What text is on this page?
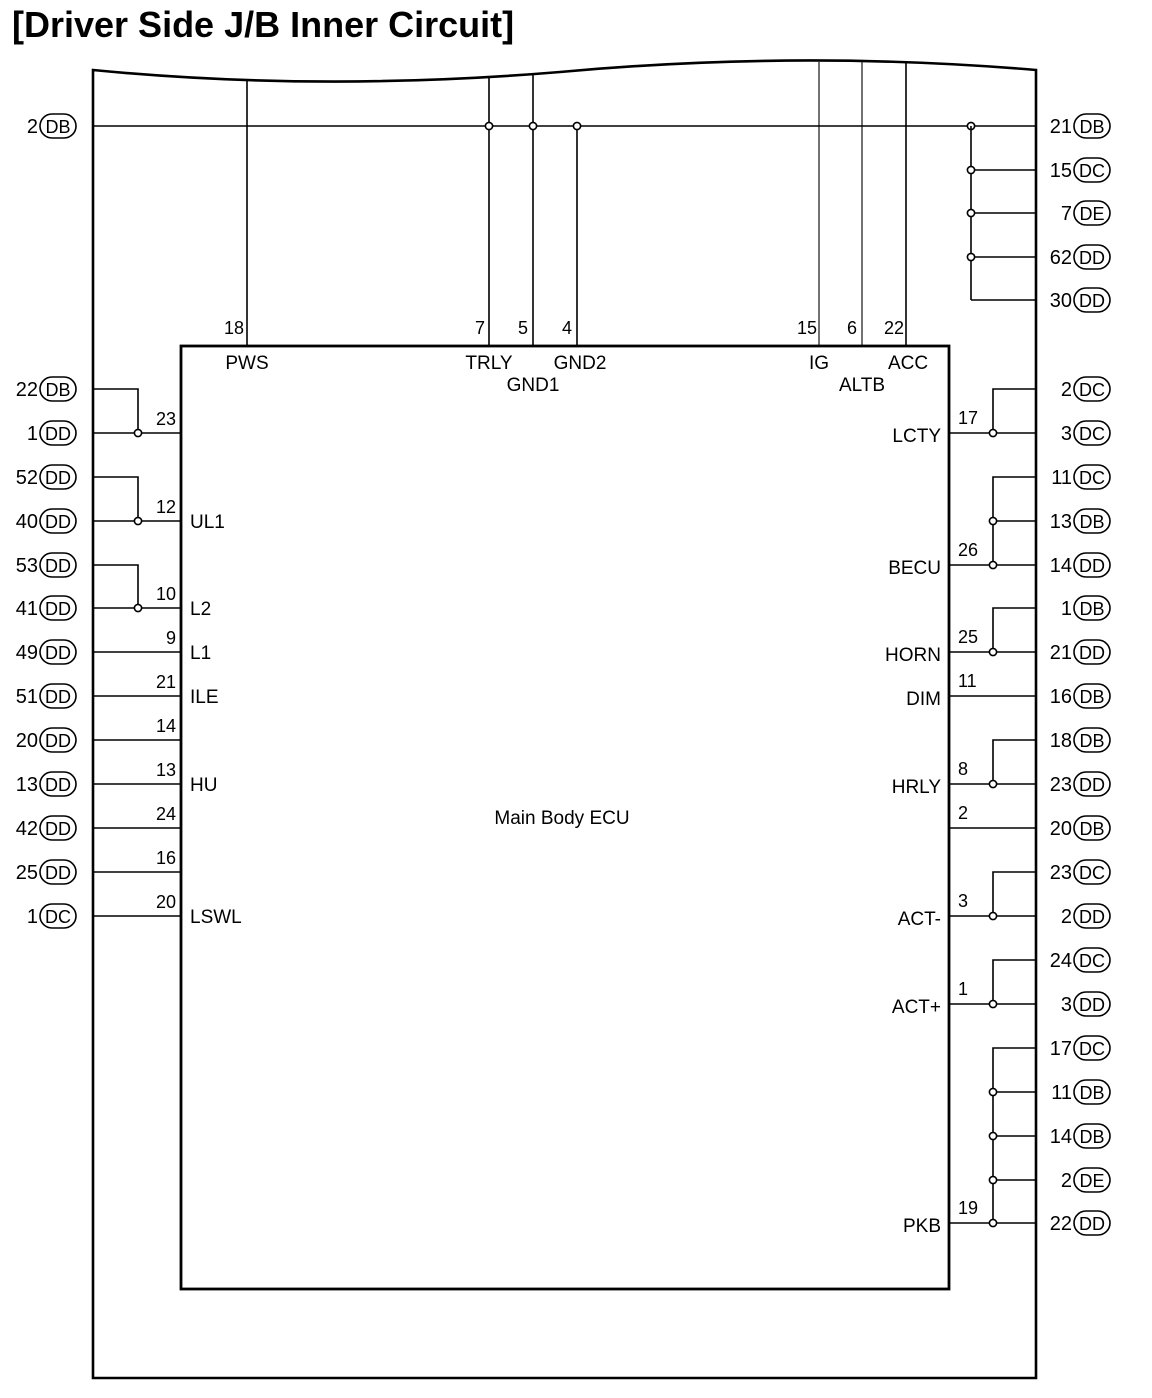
[Driver Side J/B Inner Circuit]
18	7 5 4	15 6 22
PWS	TRLY
GND1
GND2	IG
ALTB
ACC
23
12
UL1
10
L2
9
L1
21
ILE
14
13
HU
24
16
20
LSWL
2 DB
22 DB
1 DD
52 DD
40 DD
53 DD
41 DD
49 DD
51 DD
20 DD
13 DD
42 DD
25 DD
1 DC
17
LCTY
26
BECU
25
HORN
11
DIM
8
HRLY
2
3
ACT-
1
ACT+
19
PKB
21 DB
15 DC
7 DE
62 DD
30 DD
2 DC
3 DC
11 DC
13 DB
14 DD
1 DB
21 DD
16 DB
18 DB
23 DD
20 DB
23 DC
2 DD
24 DC
3 DD
17 DC
11 DB
14 DB
2 DE
22 DD
Main Body ECU
